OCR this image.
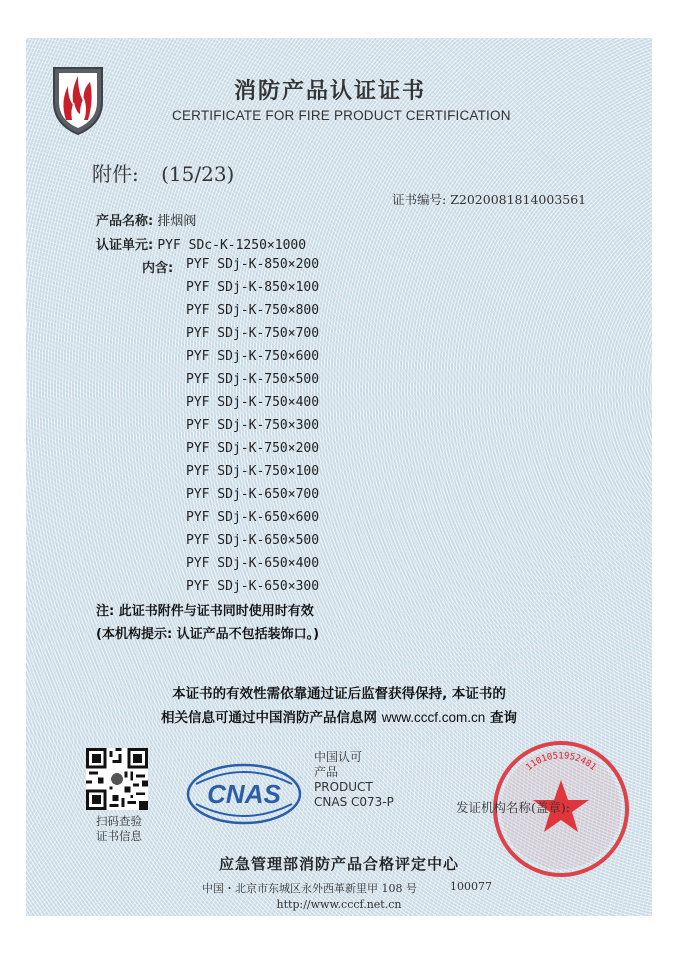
消防产品认证证书
CERTIFICATE FOR FIRE PRODUCT CERTIFICATION
附件: (15/23)
证书编号: Z2020081814003561
产品名称: 排烟阀
认证单元: PYF SDc-K-1250×1000
内含: PYF SDj-K-850×200
PYF SDj-K-850×100
PYF SDj-K-750×800
PYF SDj-K-750×700
PYF SDj-K-750×600
PYF SDj-K-750×500
PYF SDj-K-750×400
PYF SDj-K-750×300
PYF SDj-K-750×200
PYF SDj-K-750×100
PYF SDj-K-650×700
PYF SDj-K-650×600
PYF SDj-K-650×500
PYF SDj-K-650×400
PYF SDj-K-650×300
注: 此证书附件与证书同时使用时有效
(本机构提示: 认证产品不包括装饰口。)
本证书的有效性需依靠通过证后监督获得保持, 本证书的
相关信息可通过中国消防产品信息网 www.cccf.com.cn 查询
扫码查验
证书信息
CNAS
中国认可
产品
PRODUCT
CNAS C073-P
1101051952481
发证机构名称(盖章):
应急管理部消防产品合格评定中心
中国・北京市东城区永外西革新里甲 108 号	100077
http://www.cccf.net.cn
